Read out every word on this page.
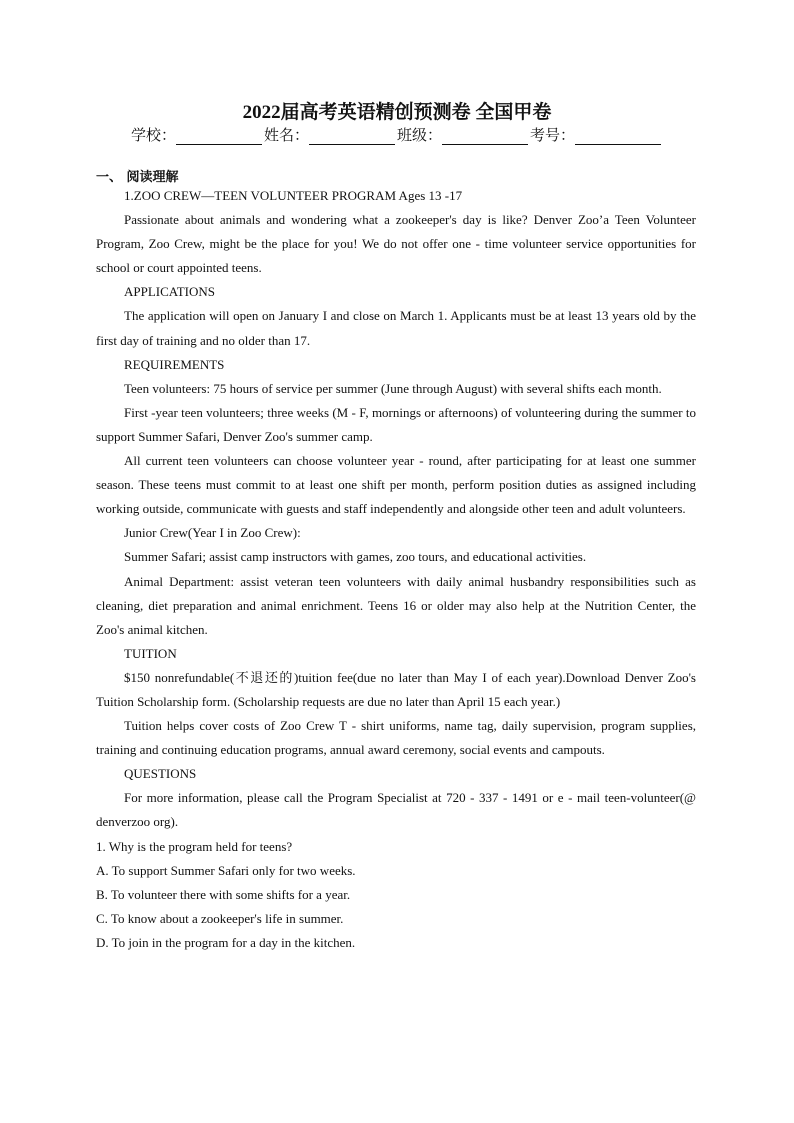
2022届高考英语精创预测卷 全国甲卷
学校：	姓名：	班级：	考号：
一、 阅读理解

1.ZOO CREW—TEEN VOLUNTEER PROGRAM Ages 13 -17

Passionate about animals and wondering what a zookeeper's day is like? Denver Zoo’a Teen Volunteer Program, Zoo Crew, might be the place for you! We do not offer one - time volunteer service opportunities for school or court appointed teens.

APPLICATIONS

The application will open on January I and close on March 1. Applicants must be at least 13 years old by the first day of training and no older than 17.

REQUIREMENTS

Teen volunteers: 75 hours of service per summer (June through August) with several shifts each month.

First -year teen volunteers; three weeks (M - F, mornings or afternoons) of volunteering during the summer to support Summer Safari, Denver Zoo's summer camp.

All current teen volunteers can choose volunteer year - round, after participating for at least one summer season. These teens must commit to at least one shift per month, perform position duties as assigned including working outside, communicate with guests and staff independently and alongside other teen and adult volunteers.

Junior Crew(Year I in Zoo Crew):

Summer Safari; assist camp instructors with games, zoo tours, and educational activities.

Animal Department: assist veteran teen volunteers with daily animal husbandry responsibilities such as cleaning, diet preparation and animal enrichment. Teens 16 or older may also help at the Nutrition Center, the Zoo's animal kitchen.

TUITION

$150 nonrefundable(不退还的)tuition fee(due no later than May I of each year).Download Denver Zoo's Tuition Scholarship form. (Scholarship requests are due no later than April 15 each year.)

Tuition helps cover costs of Zoo Crew T - shirt uniforms, name tag, daily supervision, program supplies, training and continuing education programs, annual award ceremony, social events and campouts.

QUESTIONS

For more information, please call the Program Specialist at 720 - 337 - 1491 or e - mail teen-volunteer(@ denverzoo org).

1. Why is the program held for teens?

A. To support Summer Safari only for two weeks.

B. To volunteer there with some shifts for a year.

C. To know about a zookeeper's life in summer.

D. To join in the program for a day in the kitchen.
